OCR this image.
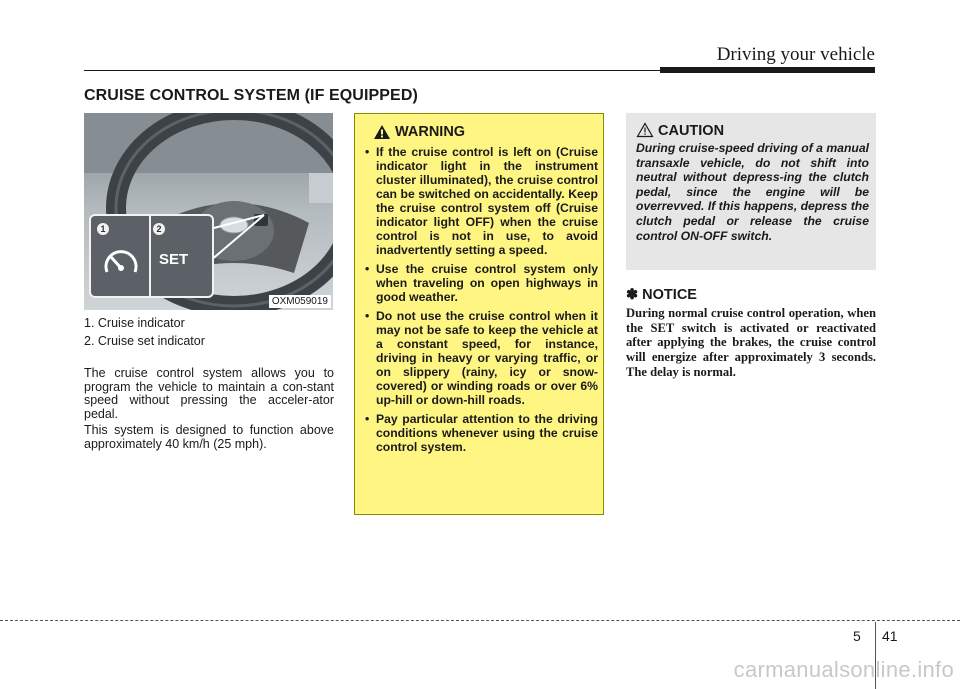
Driving your vehicle
CRUISE CONTROL SYSTEM (IF EQUIPPED)
1	2
SET
OXM059019

1. Cruise indicator

2. Cruise set indicator

The cruise control system allows you to program the vehicle to maintain a con-stant speed without pressing the acceler-ator pedal.

This system is designed to function above approximately 40 km/h (25 mph).

WARNING
• If the cruise control is left on (Cruise indicator light in the instrument cluster illuminated), the cruise control can be switched on accidentally. Keep the cruise control system off (Cruise indicator light OFF) when the cruise control is not in use, to avoid inadvertently setting a speed.
• Use the cruise control system only when traveling on open highways in good weather.
• Do not use the cruise control when it may not be safe to keep the vehicle at a constant speed, for instance, driving in heavy or varying traffic, or on slippery (rainy, icy or snow-covered) or winding roads or over 6% up-hill or down-hill roads.
• Pay particular attention to the driving conditions whenever using the cruise control system.
CAUTION

During cruise-speed driving of a manual transaxle vehicle, do not shift into neutral without depress-ing the clutch pedal, since the engine will be overrevved. If this happens, depress the clutch pedal or release the cruise control ON-OFF switch.

✽ NOTICE

During normal cruise control operation, when the SET switch is activated or reactivated after applying the brakes, the cruise control will energize after approximately 3 seconds. The delay is normal.

5 41
carmanualsonline.info
